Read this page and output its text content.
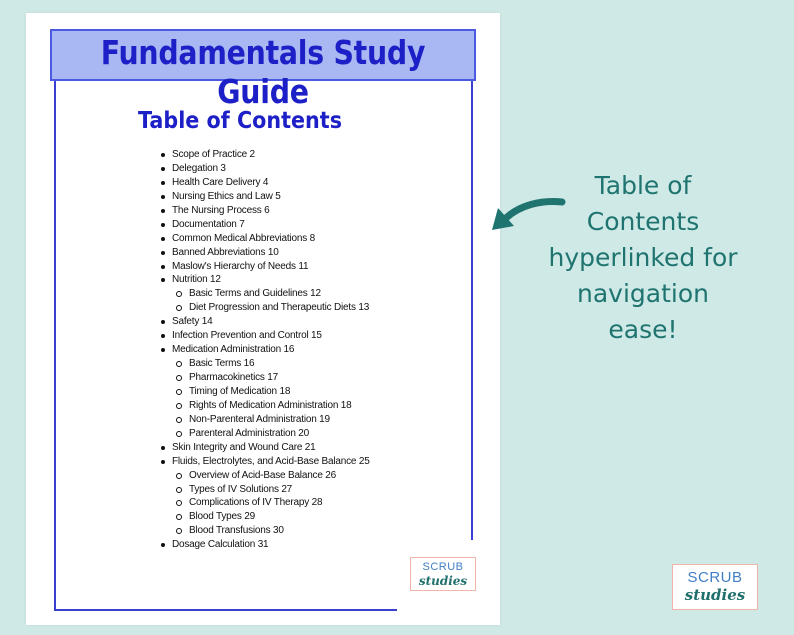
Fundamentals Study Guide
Table of Contents
Scope of Practice 2
Delegation 3
Health Care Delivery 4
Nursing Ethics and Law 5
The Nursing Process 6
Documentation 7
Common Medical Abbreviations 8
Banned Abbreviations 10
Maslow's Hierarchy of Needs 11
Nutrition 12
Basic Terms and Guidelines 12
Diet Progression and Therapeutic Diets 13
Safety 14
Infection Prevention and Control 15
Medication Administration 16
Basic Terms 16
Pharmacokinetics 17
Timing of Medication 18
Rights of Medication Administration 18
Non-Parenteral Administration 19
Parenteral Administration 20
Skin Integrity and Wound Care 21
Fluids, Electrolytes, and Acid-Base Balance 25
Overview of Acid-Base Balance 26
Types of IV Solutions 27
Complications of IV Therapy 28
Blood Types 29
Blood Transfusions 30
Dosage Calculation 31
SCRUB
studies
Table of
Contents
hyperlinked for
navigation
ease!
SCRUB
studies
